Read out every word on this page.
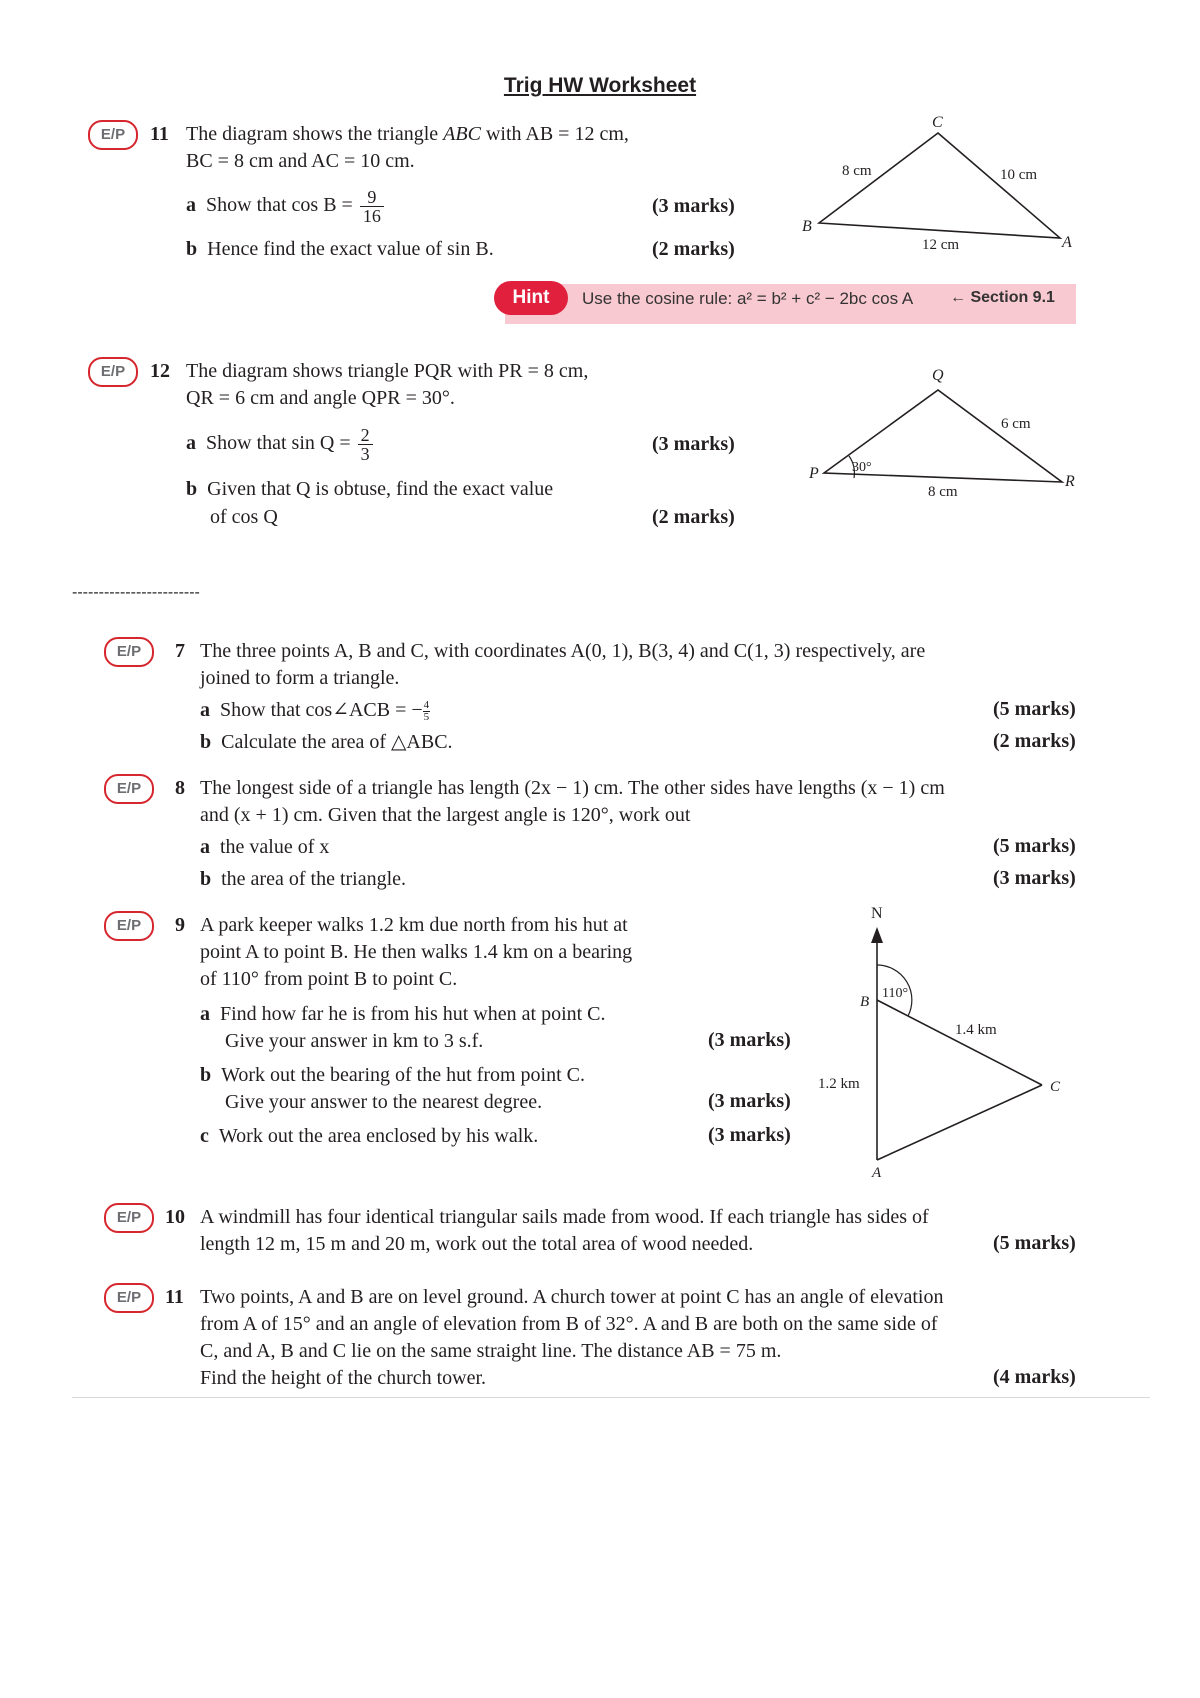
Trig HW Worksheet
E/P	11 The diagram shows the triangle ABC with AB = 12 cm,
BC = 8 cm and AC = 10 cm.
a Show that $\cos B = \frac{9}{16}$	(3 marks)
b Hence find the exact value of sin B.	(2 marks)
C
B
A
8 cm	10 cm
12 cm
Hint	Use the cosine rule: a² = b² + c² − 2bc cos A ← Section 9.1
E/P	12 The diagram shows triangle PQR with PR = 8 cm,
QR = 6 cm and angle QPR = 30°.
a Show that $\sin Q = \frac{2}{3}$	(3 marks)
b Given that Q is obtuse, find the exact value
of cos Q	(2 marks)
Q
P	R
6 cm
8 cm
30°
------------------------
E/P	7 The three points A, B and C, with coordinates A(0, 1), B(3, 4) and C(1, 3) respectively, are
joined to form a triangle.
a Show that cos∠ACB = − $\frac{4}{5}$	(5 marks)
b Calculate the area of △ABC.	(2 marks)
E/P	8 The longest side of a triangle has length (2x − 1) cm. The other sides have lengths (x − 1) cm
and (x + 1) cm. Given that the largest angle is 120°, work out
a the value of x	(5 marks)
b the area of the triangle.	(3 marks)
E/P	9 A park keeper walks 1.2 km due north from his hut at
point A to point B. He then walks 1.4 km on a bearing
of 110° from point B to point C.
a Find how far he is from his hut when at point C.
Give your answer in km to 3 s.f.	(3 marks)
b Work out the bearing of the hut from point C.
Give your answer to the nearest degree.	(3 marks)
c Work out the area enclosed by his walk.	(3 marks)
N
B
C
A
110°
1.4 km
1.2 km
E/P	10 A windmill has four identical triangular sails made from wood. If each triangle has sides of
length 12 m, 15 m and 20 m, work out the total area of wood needed.	(5 marks)
E/P	11 Two points, A and B are on level ground. A church tower at point C has an angle of elevation
from A of 15° and an angle of elevation from B of 32°. A and B are both on the same side of
C, and A, B and C lie on the same straight line. The distance AB = 75 m.
Find the height of the church tower.	(4 marks)
